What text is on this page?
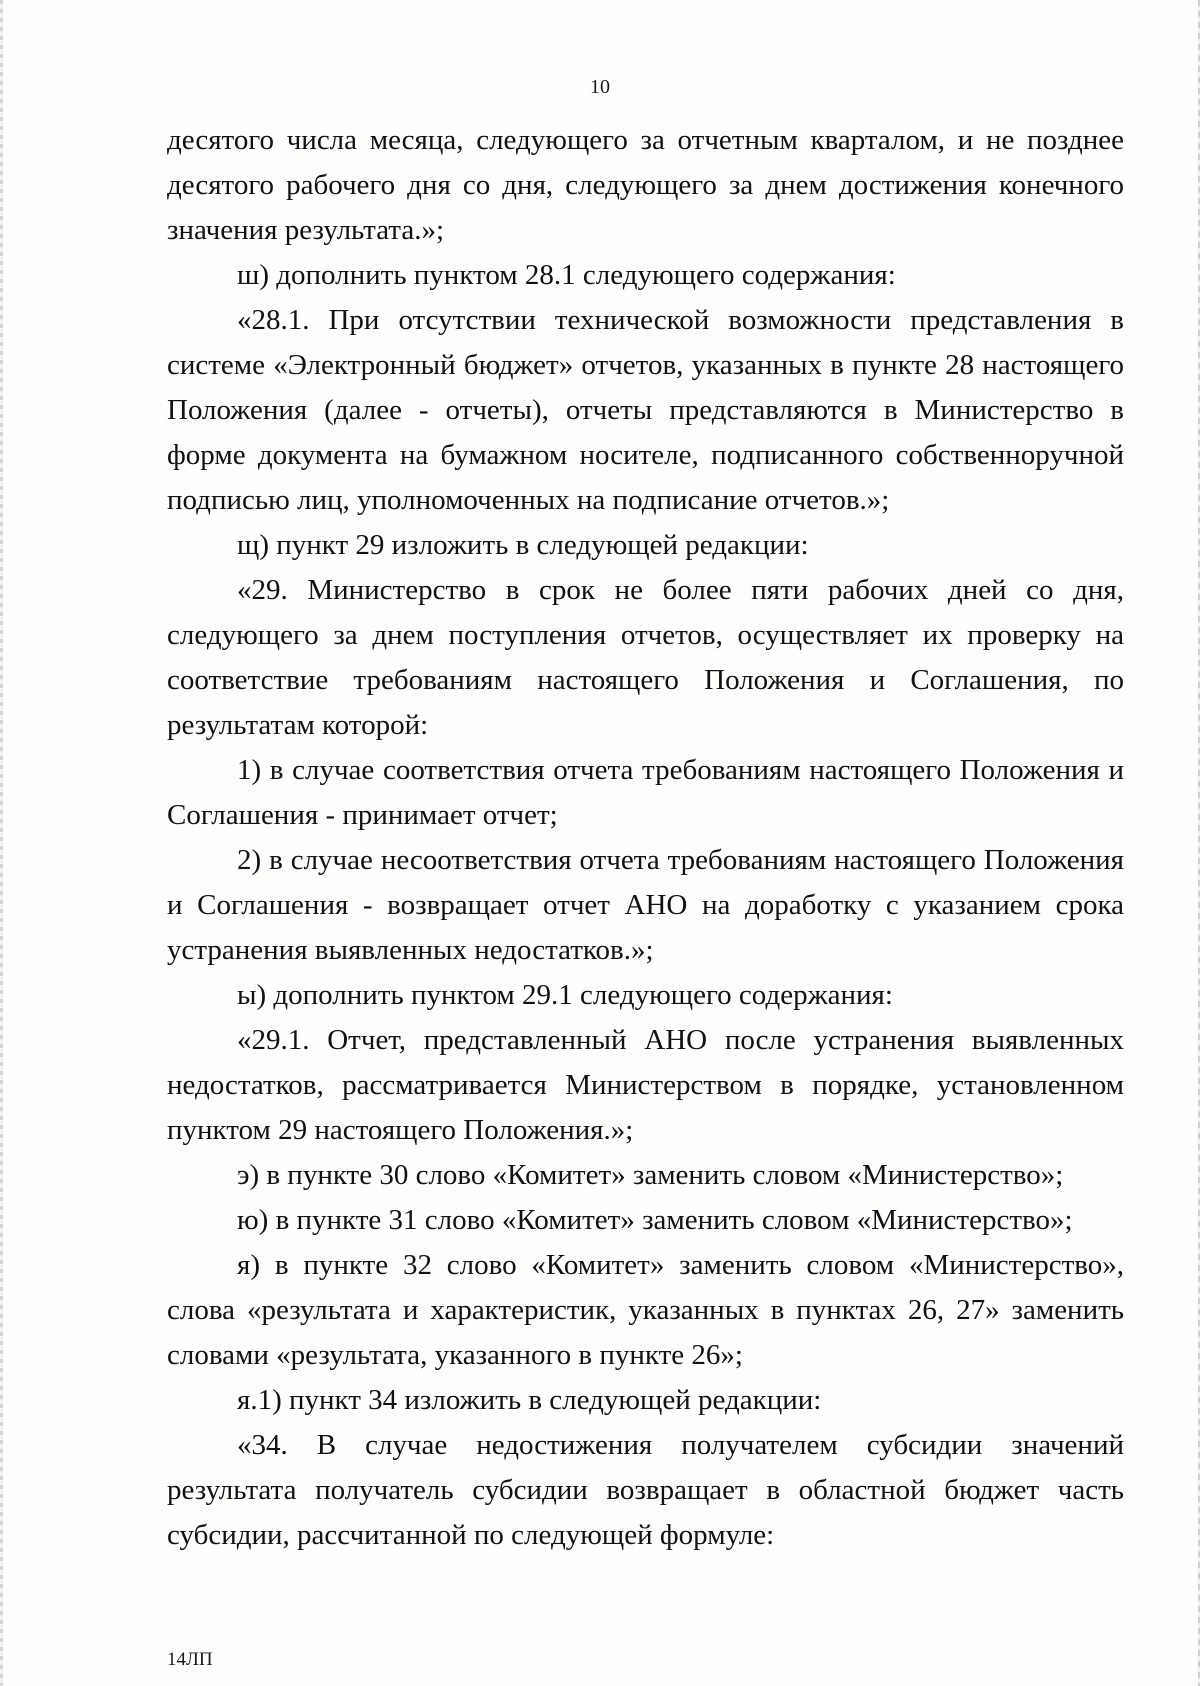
10

десятого числа месяца, следующего за отчетным кварталом, и не позднее десятого рабочего дня со дня, следующего за днем достижения конечного значения результата.»;

ш) дополнить пунктом 28.1 следующего содержания:

«28.1. При отсутствии технической возможности представления в системе «Электронный бюджет» отчетов, указанных в пункте 28 настоящего Положения (далее - отчеты), отчеты представляются в Министерство в форме документа на бумажном носителе, подписанного собственноручной подписью лиц, уполномоченных на подписание отчетов.»;

щ) пункт 29 изложить в следующей редакции:

«29. Министерство в срок не более пяти рабочих дней со дня, следующего за днем поступления отчетов, осуществляет их проверку на соответствие требованиям настоящего Положения и Соглашения, по результатам которой:

1) в случае соответствия отчета требованиям настоящего Положения и Соглашения - принимает отчет;

2) в случае несоответствия отчета требованиям настоящего Положения и Соглашения - возвращает отчет АНО на доработку с указанием срока устранения выявленных недостатков.»;

ы) дополнить пунктом 29.1 следующего содержания:

«29.1. Отчет, представленный АНО после устранения выявленных недостатков, рассматривается Министерством в порядке, установленном пунктом 29 настоящего Положения.»;

э) в пункте 30 слово «Комитет» заменить словом «Министерство»;

ю) в пункте 31 слово «Комитет» заменить словом «Министерство»;

я) в пункте 32 слово «Комитет» заменить словом «Министерство», слова «результата и характеристик, указанных в пунктах 26, 27» заменить словами «результата, указанного в пункте 26»;

я.1) пункт 34 изложить в следующей редакции:

«34. В случае недостижения получателем субсидии значений результата получатель субсидии возвращает в областной бюджет часть субсидии, рассчитанной по следующей формуле:

14ЛП
